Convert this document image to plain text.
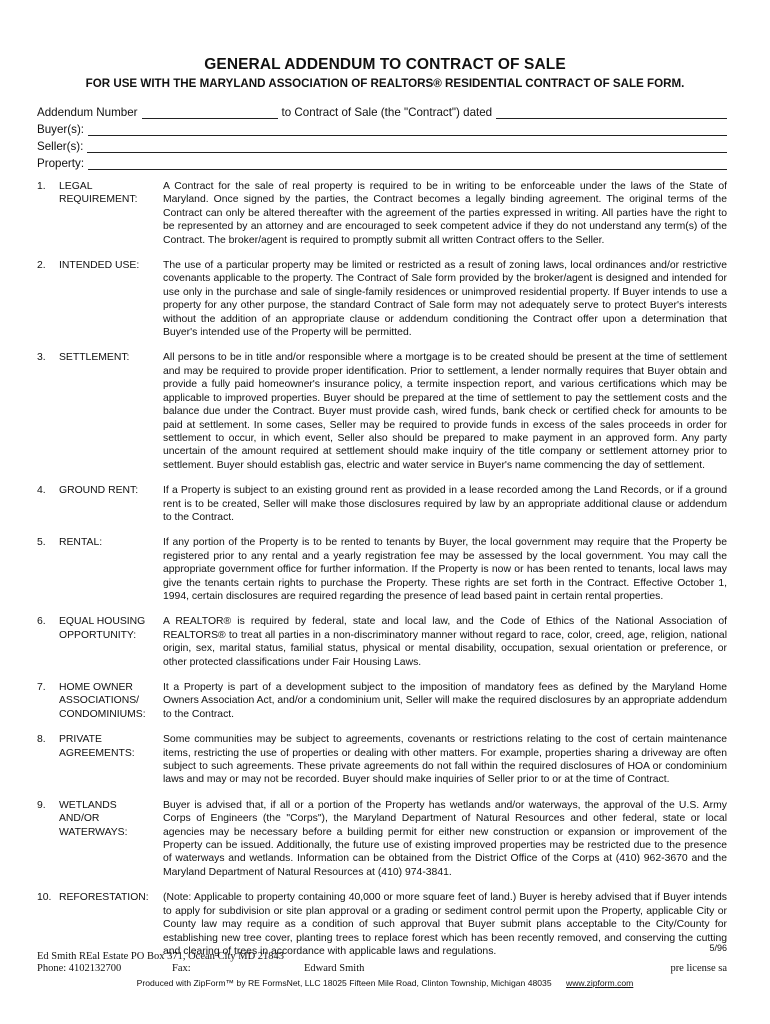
GENERAL ADDENDUM TO CONTRACT OF SALE
FOR USE WITH THE MARYLAND ASSOCIATION OF REALTORS® RESIDENTIAL CONTRACT OF SALE FORM.
Addendum Number	to Contract of Sale (the "Contract") dated
Buyer(s):
Seller(s):
Property:
1.	LEGAL
REQUIREMENT:
A Contract for the sale of real property is required to be in writing to be enforceable under the laws of the State of Maryland. Once signed by the parties, the Contract becomes a legally binding agreement. The original terms of the Contract can only be altered thereafter with the agreement of the parties expressed in writing. All parties have the right to be represented by an attorney and are encouraged to seek competent advice if they do not understand any term(s) of the Contract. The broker/agent is required to promptly submit all written Contract offers to the Seller.
2.	INTENDED USE:	The use of a particular property may be limited or restricted as a result of zoning laws, local ordinances and/or restrictive covenants applicable to the property. The Contract of Sale form provided by the broker/agent is designed and intended for use only in the purchase and sale of single-family residences or unimproved residential property. If Buyer intends to use a property for any other purpose, the standard Contract of Sale form may not adequately serve to protect Buyer's interests without the addition of an appropriate clause or addendum conditioning the Contract offer upon a determination that Buyer's intended use of the Property will be permitted.
3.	SETTLEMENT:	All persons to be in title and/or responsible where a mortgage is to be created should be present at the time of settlement and may be required to provide proper identification. Prior to settlement, a lender normally requires that Buyer obtain and provide a fully paid homeowner's insurance policy, a termite inspection report, and various certifications which may be applicable to improved properties. Buyer should be prepared at the time of settlement to pay the settlement costs and the balance due under the Contract. Buyer must provide cash, wired funds, bank check or certified check for amounts to be paid at settlement. In some cases, Seller may be required to provide funds in excess of the sales proceeds in order for settlement to occur, in which event, Seller also should be prepared to make payment in an approved form. Any party uncertain of the amount required at settlement should make inquiry of the title company or settlement attorney prior to settlement. Buyer should establish gas, electric and water service in Buyer's name commencing the day of settlement.
4.	GROUND RENT:	If a Property is subject to an existing ground rent as provided in a lease recorded among the Land Records, or if a ground rent is to be created, Seller will make those disclosures required by law by an appropriate additional clause or addendum to the Contract.
5.	RENTAL:	If any portion of the Property is to be rented to tenants by Buyer, the local government may require that the Property be registered prior to any rental and a yearly registration fee may be assessed by the local government. You may call the appropriate government office for further information. If the Property is now or has been rented to tenants, local laws may give the tenants certain rights to purchase the Property. These rights are set forth in the Contract. Effective October 1, 1994, certain disclosures are required regarding the presence of lead based paint in certain rental properties.
6.	EQUAL HOUSING
OPPORTUNITY:
A REALTOR® is required by federal, state and local law, and the Code of Ethics of the National Association of REALTORS® to treat all parties in a non-discriminatory manner without regard to race, color, creed, age, religion, national origin, sex, marital status, familial status, physical or mental disability, occupation, sexual orientation or preference, or other protected classifications under Fair Housing Laws.
7.	HOME OWNER
ASSOCIATIONS/
CONDOMINIUMS:
It a Property is part of a development subject to the imposition of mandatory fees as defined by the Maryland Home Owners Association Act, and/or a condominium unit, Seller will make the required disclosures by an appropriate addendum to the Contract.
8.	PRIVATE
AGREEMENTS:
Some communities may be subject to agreements, covenants or restrictions relating to the cost of certain maintenance items, restricting the use of properties or dealing with other matters. For example, properties sharing a driveway are often subject to such agreements. These private agreements do not fall within the required disclosures of HOA or condominium laws and may or may not be recorded. Buyer should make inquiries of Seller prior to or at the time of Contract.
9.	WETLANDS
AND/OR
WATERWAYS:
Buyer is advised that, if all or a portion of the Property has wetlands and/or waterways, the approval of the U.S. Army Corps of Engineers (the "Corps"), the Maryland Department of Natural Resources and other federal, state or local agencies may be necessary before a building permit for either new construction or expansion or improvement of the Property can be issued. Additionally, the future use of existing improved properties may be restricted due to the presence of waterways and wetlands. Information can be obtained from the District Office of the Corps at (410) 962-3670 and the Maryland Department of Natural Resources at (410) 974-3841.
10. REFORESTATION:	(Note: Applicable to property containing 40,000 or more square feet of land.) Buyer is hereby advised that if Buyer intends to apply for subdivision or site plan approval or a grading or sediment control permit upon the Property, applicable City or County law may require as a condition of such approval that Buyer submit plans acceptable to the City/County for establishing new tree cover, planting trees to replace forest which has been recently removed, and conserving the cutting and clearing of trees in accordance with applicable laws and regulations.	5/96
Ed Smith REal Estate PO Box 371, Ocean City MD 21843
Phone: 4102132700	Fax:	Edward Smith	pre license sa
Produced with ZipForm™ by RE FormsNet, LLC 18025 Fifteen Mile Road, Clinton Township, Michigan 48035 www.zipform.com
